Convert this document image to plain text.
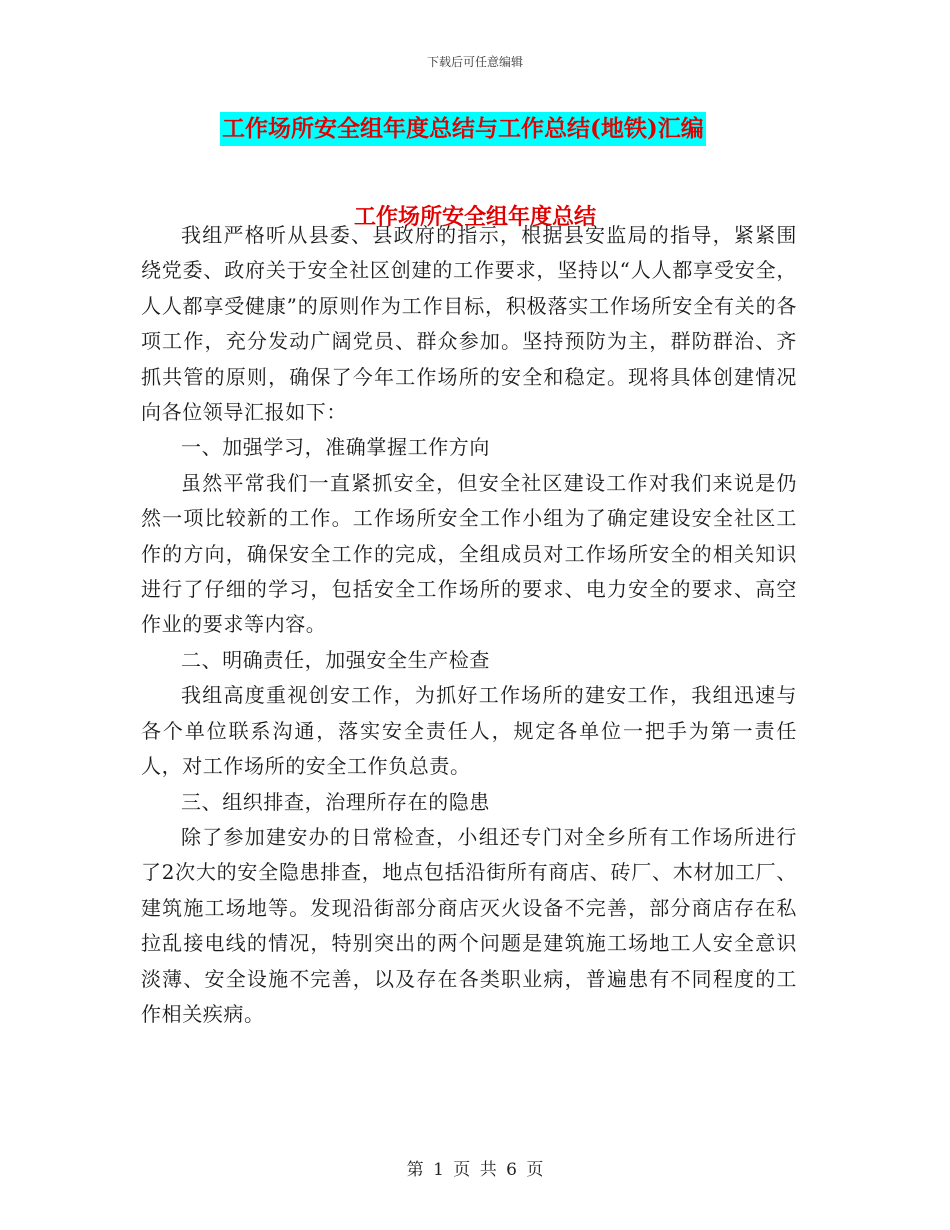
下载后可任意编辑
工作场所安全组年度总结与工作总结(地铁)汇编
工作场所安全组年度总结

我组严格听从县委、县政府的指示，根据县安监局的指导，紧紧围绕党委、政府关于安全社区创建的工作要求，坚持以“人人都享受安全，人人都享受健康”的原则作为工作目标，积极落实工作场所安全有关的各项工作，充分发动广阔党员、群众参加。坚持预防为主，群防群治、齐抓共管的原则，确保了今年工作场所的安全和稳定。现将具体创建情况向各位领导汇报如下：

一、加强学习，准确掌握工作方向

虽然平常我们一直紧抓安全，但安全社区建设工作对我们来说是仍然一项比较新的工作。工作场所安全工作小组为了确定建设安全社区工作的方向，确保安全工作的完成，全组成员对工作场所安全的相关知识进行了仔细的学习，包括安全工作场所的要求、电力安全的要求、高空作业的要求等内容。

二、明确责任，加强安全生产检查

我组高度重视创安工作，为抓好工作场所的建安工作，我组迅速与各个单位联系沟通，落实安全责任人，规定各单位一把手为第一责任人，对工作场所的安全工作负总责。

三、组织排查，治理所存在的隐患

除了参加建安办的日常检查，小组还专门对全乡所有工作场所进行了2次大的安全隐患排查，地点包括沿街所有商店、砖厂、木材加工厂、建筑施工场地等。发现沿街部分商店灭火设备不完善，部分商店存在私拉乱接电线的情况，特别突出的两个问题是建筑施工场地工人安全意识淡薄、安全设施不完善，以及存在各类职业病，普遍患有不同程度的工作相关疾病。

第 1 页 共 6 页
